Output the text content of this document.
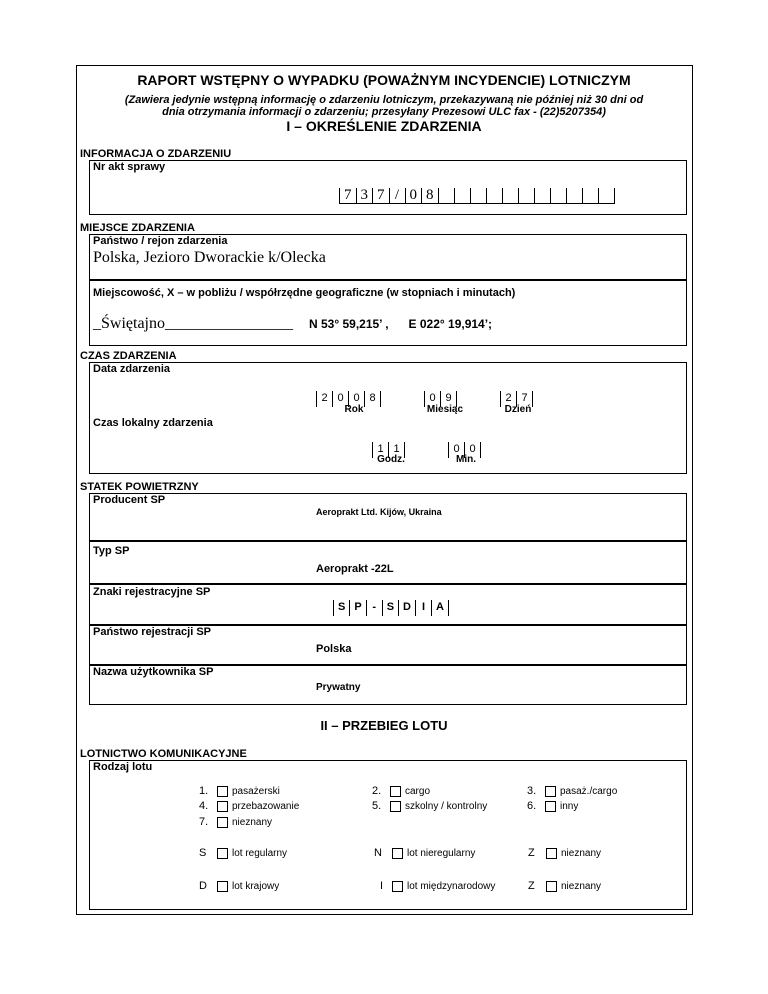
RAPORT WSTĘPNY O WYPADKU (POWAŻNYM INCYDENCIE) LOTNICZYM
(Zawiera jedynie wstępną informację o zdarzeniu lotniczym, przekazywaną nie później niż 30 dni od
dnia otrzymania informacji o zdarzeniu; przesyłany Prezesowi ULC fax - (22)5207354)
I – OKREŚLENIE ZDARZENIA
INFORMACJA O ZDARZENIU
Nr akt sprawy
7 3 7 / 0 8
MIEJSCE ZDARZENIA
Państwo / rejon zdarzenia
Polska, Jezioro Dworackie k/Olecka
Miejscowość, X – w pobliżu / współrzędne geograficzne (w stopniach i minutach)
_Świętajno________________ N 53° 59,215’ ,      E 022° 19,914’;
CZAS ZDARZENIA
Data zdarzenia
Czas lokalny zdarzenia
2 0 0 8	0 9	2 7
Rok	Miesiąc	Dzień
1 1	0 0
Godz.	Min.
STATEK POWIETRZNY
Producent SP
Aeroprakt Ltd. Kijów, Ukraina
Typ SP
Aeroprakt -22L
Znaki rejestracyjne SP
S P - S D I A
Państwo rejestracji SP
Polska
Nazwa użytkownika SP
Prywatny
II – PRZEBIEG LOTU
LOTNICTWO KOMUNIKACYJNE
Rodzaj lotu
1. pasażerski	2. cargo	3. pasaż./cargo
4. przebazowanie	5. szkolny / kontrolny	6. inny
7. nieznany
S	lot regularny	N	lot nieregularny	Z	nieznany
D	lot krajowy	I lot międzynarodowy	Z	nieznany
